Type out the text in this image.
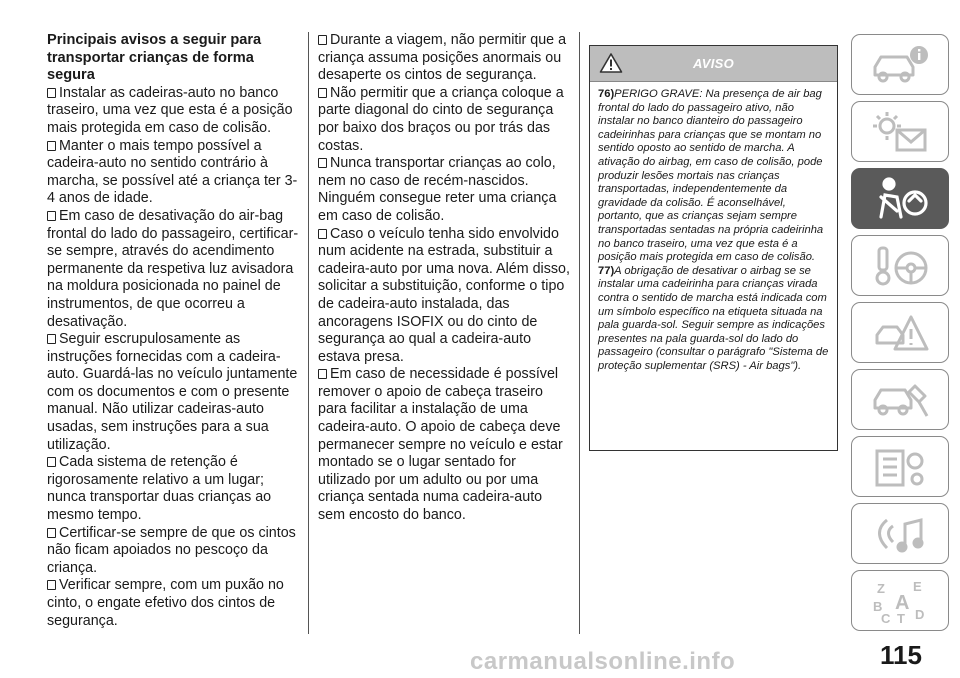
Principais avisos a seguir para transportar crianças de forma segura

Instalar as cadeiras-auto no banco traseiro, uma vez que esta é a posição mais protegida em caso de colisão.

Manter o mais tempo possível a cadeira-auto no sentido contrário à marcha, se possível até a criança ter 3-4 anos de idade.

Em caso de desativação do air-bag frontal do lado do passageiro, certificar-se sempre, através do acendimento permanente da respetiva luz avisadora na moldura posicionada no painel de instrumentos, de que ocorreu a desativação.

Seguir escrupulosamente as instruções fornecidas com a cadeira-auto. Guardá-las no veículo juntamente com os documentos e com o presente manual. Não utilizar cadeiras-auto usadas, sem instruções para a sua utilização.

Cada sistema de retenção é rigorosamente relativo a um lugar; nunca transportar duas crianças ao mesmo tempo.

Certificar-se sempre de que os cintos não ficam apoiados no pescoço da criança.

Verificar sempre, com um puxão no cinto, o engate efetivo dos cintos de segurança.

Durante a viagem, não permitir que a criança assuma posições anormais ou desaperte os cintos de segurança.

Não permitir que a criança coloque a parte diagonal do cinto de segurança por baixo dos braços ou por trás das costas.

Nunca transportar crianças ao colo, nem no caso de recém-nascidos. Ninguém consegue reter uma criança em caso de colisão.

Caso o veículo tenha sido envolvido num acidente na estrada, substituir a cadeira-auto por uma nova. Além disso, solicitar a substituição, conforme o tipo de cadeira-auto instalada, das ancoragens ISOFIX ou do cinto de segurança ao qual a cadeira-auto estava presa.

Em caso de necessidade é possível remover o apoio de cabeça traseiro para facilitar a instalação de uma cadeira-auto. O apoio de cabeça deve permanecer sempre no veículo e estar montado se o lugar sentado for utilizado por um adulto ou por uma criança sentada numa cadeira-auto sem encosto do banco.

AVISO

76)PERIGO GRAVE: Na presença de air bag frontal do lado do passageiro ativo, não instalar no banco dianteiro do passageiro cadeirinhas para crianças que se montam no sentido oposto ao sentido de marcha. A ativação do airbag, em caso de colisão, pode produzir lesões mortais nas crianças transportadas, independentemente da gravidade da colisão. É aconselhável, portanto, que as crianças sejam sempre transportadas sentadas na própria cadeirinha no banco traseiro, uma vez que esta é a posição mais protegida em caso de colisão.

77)A obrigação de desativar o airbag se se instalar uma cadeirinha para crianças virada contra o sentido de marcha está indicada com um símbolo específico na etiqueta situada na pala guarda-sol. Seguir sempre as indicações presentes na pala guarda-sol do lado do passageiro (consultar o parágrafo "Sistema de proteção suplementar (SRS) - Air bags").

Z E
B A
C T D
115
carmanualsonline.info
